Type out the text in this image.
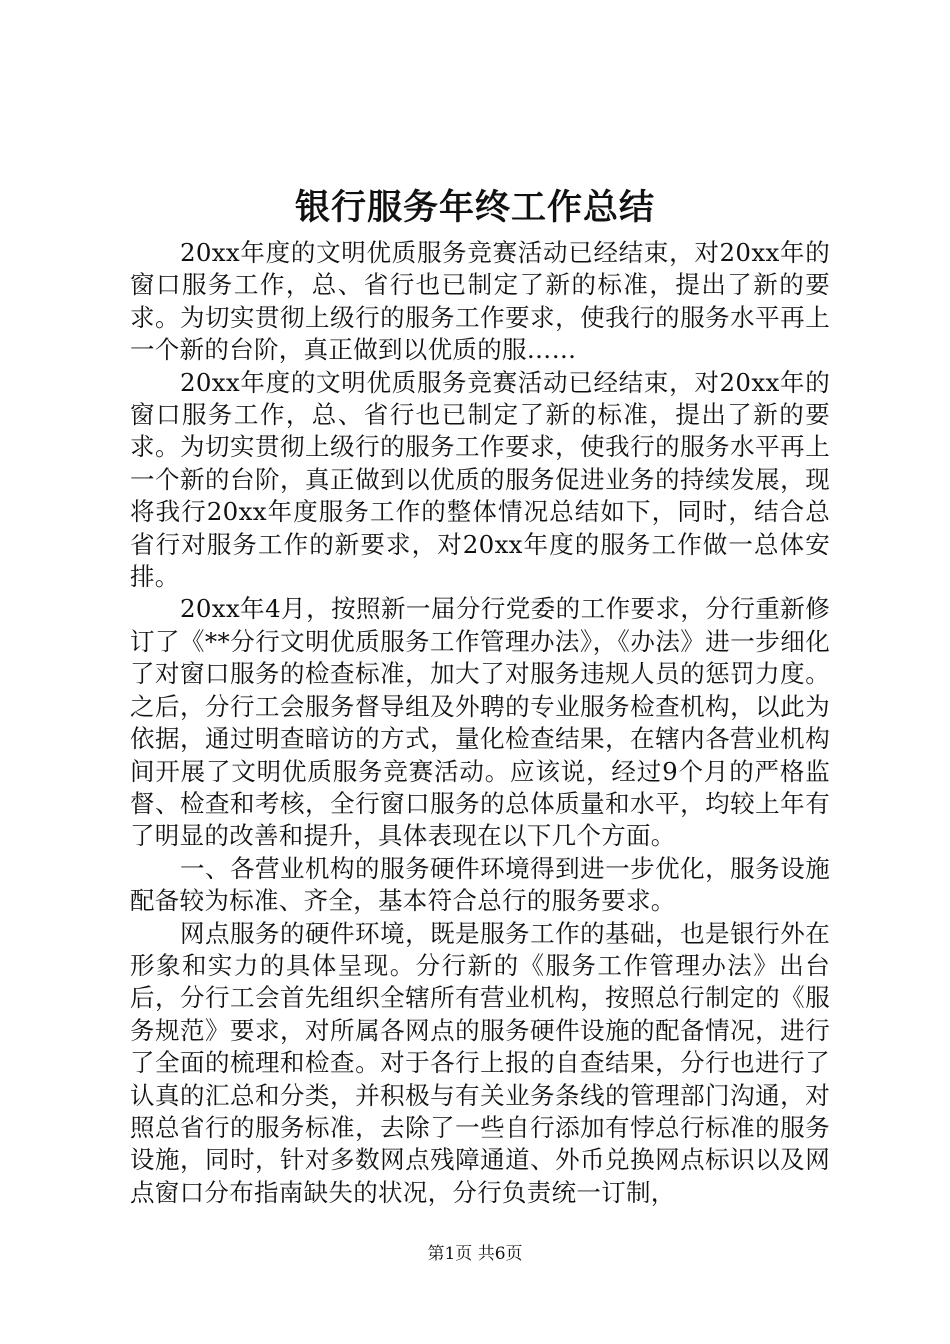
银行服务年终工作总结

20xx年度的文明优质服务竞赛活动已经结束，对20xx年的窗口服务工作，总、省行也已制定了新的标准，提出了新的要求。为切实贯彻上级行的服务工作要求，使我行的服务水平再上一个新的台阶，真正做到以优质的服……

20xx年度的文明优质服务竞赛活动已经结束，对20xx年的窗口服务工作，总、省行也已制定了新的标准，提出了新的要求。为切实贯彻上级行的服务工作要求，使我行的服务水平再上一个新的台阶，真正做到以优质的服务促进业务的持续发展，现将我行20xx年度服务工作的整体情况总结如下，同时，结合总省行对服务工作的新要求，对20xx年度的服务工作做一总体安排。

20xx年4月，按照新一届分行党委的工作要求，分行重新修订了《**分行文明优质服务工作管理办法》，《办法》进一步细化了对窗口服务的检查标准，加大了对服务违规人员的惩罚力度。之后，分行工会服务督导组及外聘的专业服务检查机构，以此为依据，通过明查暗访的方式，量化检查结果，在辖内各营业机构间开展了文明优质服务竞赛活动。应该说，经过9个月的严格监督、检查和考核，全行窗口服务的总体质量和水平，均较上年有了明显的改善和提升，具体表现在以下几个方面。

一、各营业机构的服务硬件环境得到进一步优化，服务设施配备较为标准、齐全，基本符合总行的服务要求。

网点服务的硬件环境，既是服务工作的基础，也是银行外在形象和实力的具体呈现。分行新的《服务工作管理办法》出台后，分行工会首先组织全辖所有营业机构，按照总行制定的《服务规范》要求，对所属各网点的服务硬件设施的配备情况，进行了全面的梳理和检查。对于各行上报的自查结果，分行也进行了认真的汇总和分类，并积极与有关业务条线的管理部门沟通，对照总省行的服务标准，去除了一些自行添加有悖总行标准的服务设施，同时，针对多数网点残障通道、外币兑换网点标识以及网点窗口分布指南缺失的状况，分行负责统一订制，

第1页 共6页
